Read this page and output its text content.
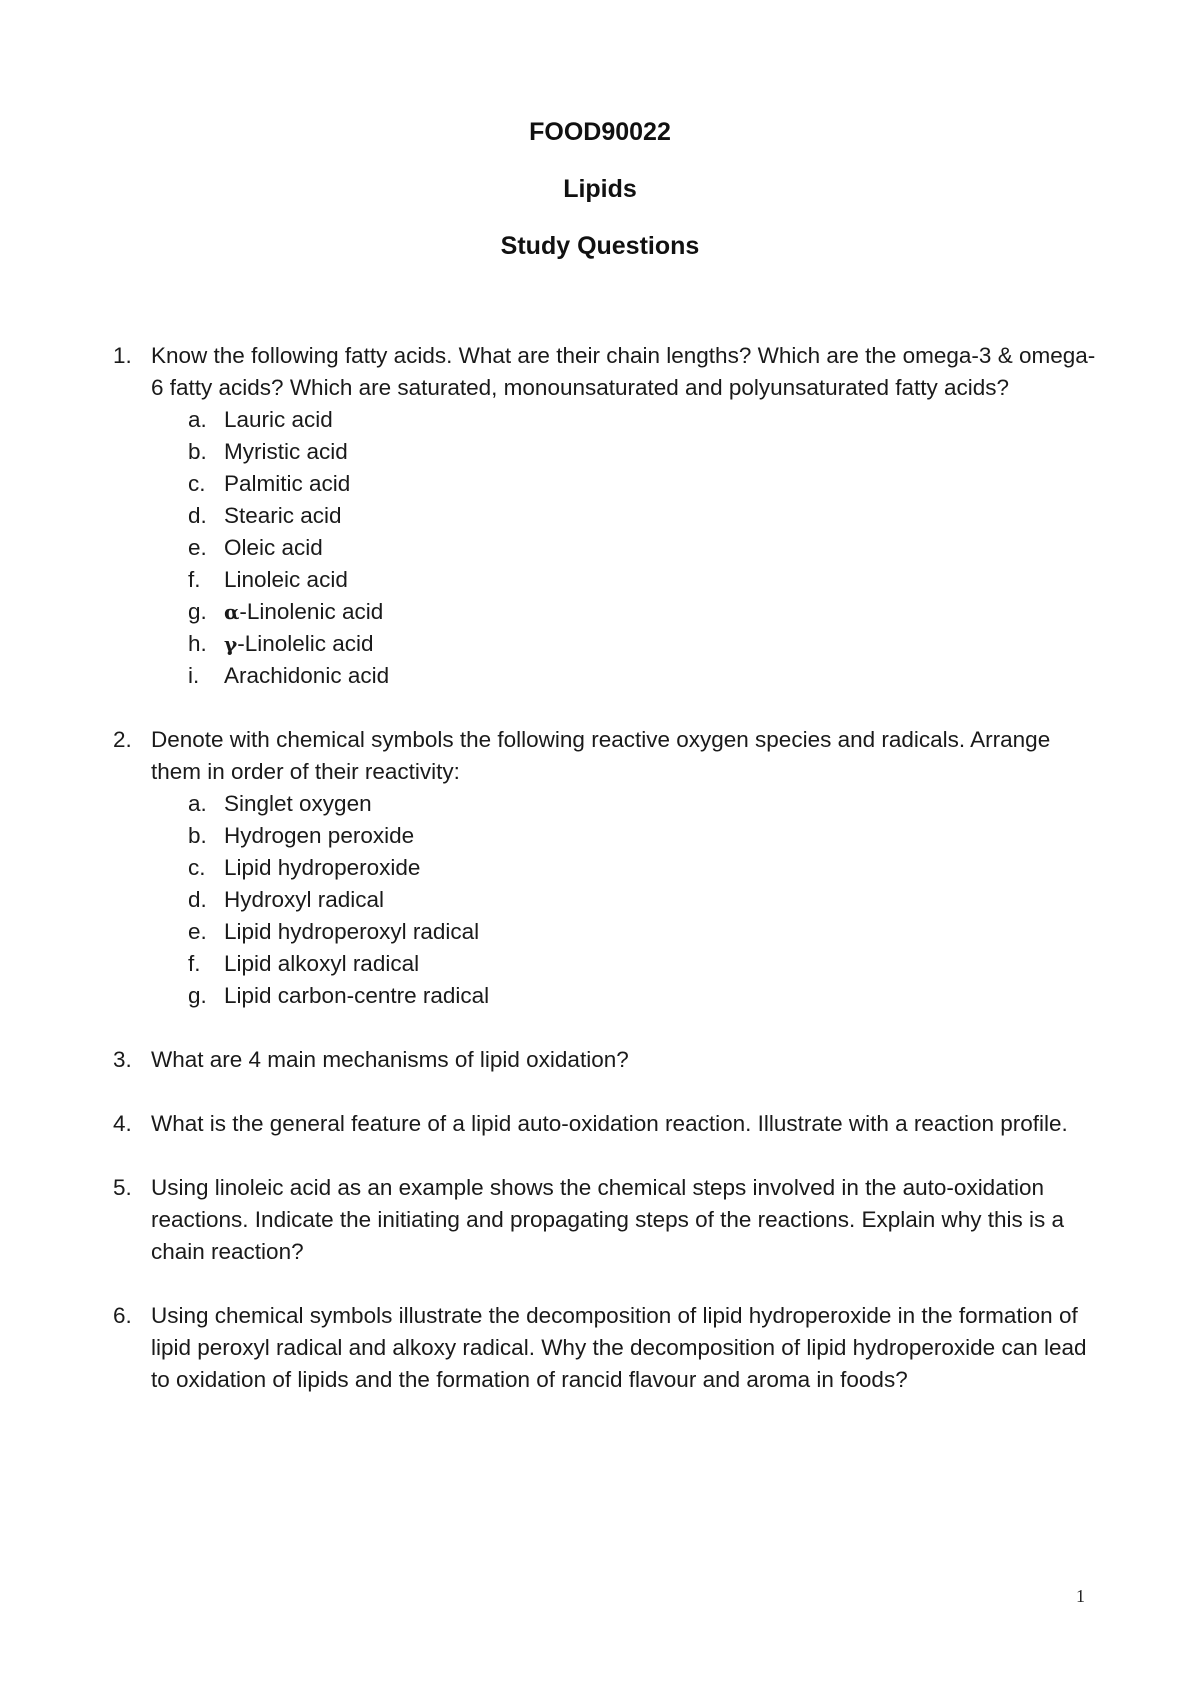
FOOD90022
Lipids
Study Questions
1. Know the following fatty acids. What are their chain lengths? Which are the omega-3 & omega-6 fatty acids? Which are saturated, monounsaturated and polyunsaturated fatty acids?
a. Lauric acid
b. Myristic acid
c. Palmitic acid
d. Stearic acid
e. Oleic acid
f. Linoleic acid
g. α-Linolenic acid
h. γ-Linolelic acid
i. Arachidonic acid
2. Denote with chemical symbols the following reactive oxygen species and radicals. Arrange them in order of their reactivity:
a. Singlet oxygen
b. Hydrogen peroxide
c. Lipid hydroperoxide
d. Hydroxyl radical
e. Lipid hydroperoxyl radical
f. Lipid alkoxyl radical
g. Lipid carbon-centre radical
3. What are 4 main mechanisms of lipid oxidation?
4. What is the general feature of a lipid auto-oxidation reaction. Illustrate with a reaction profile.
5. Using linoleic acid as an example shows the chemical steps involved in the auto-oxidation reactions. Indicate the initiating and propagating steps of the reactions. Explain why this is a chain reaction?
6. Using chemical symbols illustrate the decomposition of lipid hydroperoxide in the formation of lipid peroxyl radical and alkoxy radical. Why the decomposition of lipid hydroperoxide can lead to oxidation of lipids and the formation of rancid flavour and aroma in foods?
1
